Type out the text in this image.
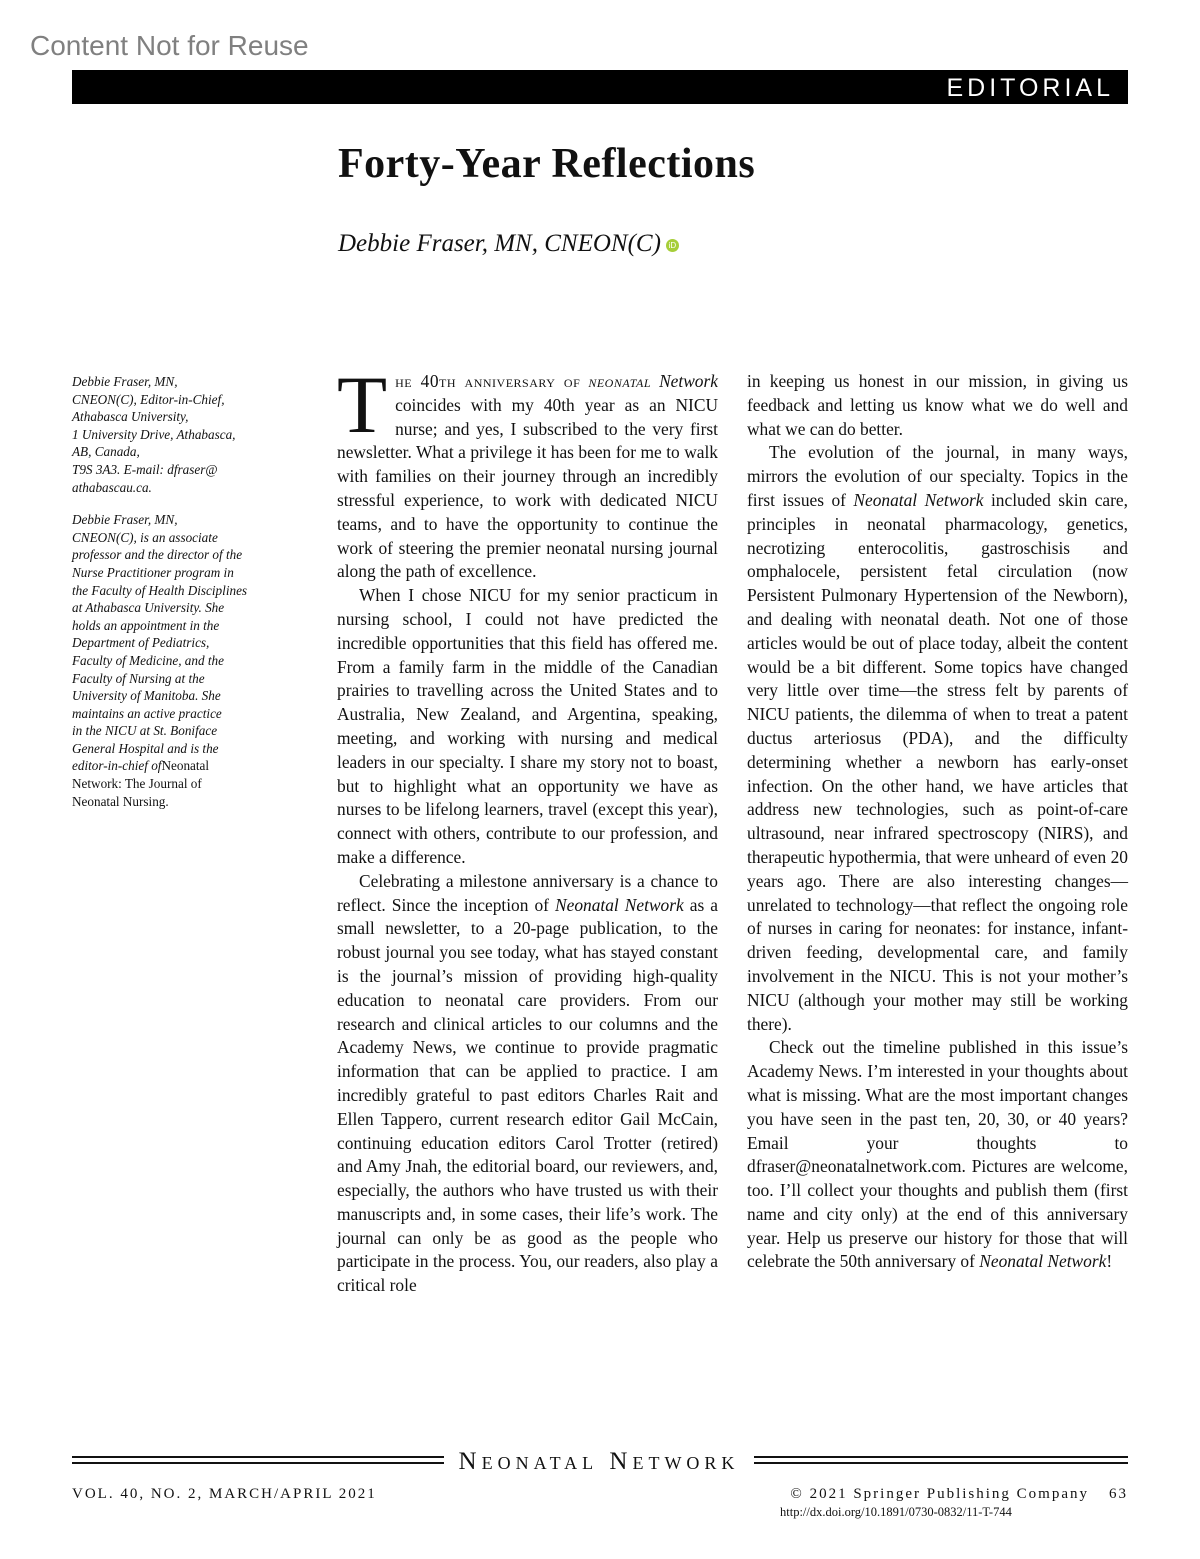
Content Not for Reuse
EDITORIAL
Forty-Year Reflections
Debbie Fraser, MN, CNEON(C) iD

Debbie Fraser, MN,
CNEON(C), Editor-in-Chief,
Athabasca University,
1 University Drive, Athabasca,
AB, Canada,
T9S 3A3. E-mail: dfraser@
athabascau.ca.

Debbie Fraser, MN,
CNEON(C), is an associate
professor and the director of the
Nurse Practitioner program in
the Faculty of Health Disciplines
at Athabasca University. She
holds an appointment in the
Department of Pediatrics,
Faculty of Medicine, and the
Faculty of Nursing at the
University of Manitoba. She
maintains an active practice
in the NICU at St. Boniface
General Hospital and is the
editor-in-chief ofNeonatal
Network: The Journal of
Neonatal Nursing.

The 40th anniversary of neonatal Network coincides with my 40th year as an NICU nurse; and yes, I subscribed to the very first newsletter. What a privilege it has been for me to walk with families on their journey through an incredibly stressful experience, to work with dedicated NICU teams, and to have the opportunity to continue the work of steering the premier neonatal nursing journal along the path of excellence.

When I chose NICU for my senior practicum in nursing school, I could not have predicted the incredible opportunities that this field has offered me. From a family farm in the middle of the Canadian prairies to travelling across the United States and to Australia, New Zealand, and Argentina, speaking, meeting, and working with nursing and medical leaders in our specialty. I share my story not to boast, but to highlight what an opportunity we have as nurses to be lifelong learners, travel (except this year), connect with others, contribute to our profession, and make a difference.

Celebrating a milestone anniversary is a chance to reflect. Since the inception of Neonatal Network as a small newsletter, to a 20-page publication, to the robust journal you see today, what has stayed constant is the journal’s mission of providing high-quality education to neonatal care providers. From our research and clinical articles to our columns and the Academy News, we continue to provide pragmatic information that can be applied to practice. I am incredibly grateful to past editors Charles Rait and Ellen Tappero, current research editor Gail McCain, continuing education editors Carol Trotter (retired) and Amy Jnah, the editorial board, our reviewers, and, especially, the authors who have trusted us with their manuscripts and, in some cases, their life’s work. The journal can only be as good as the people who participate in the process. You, our readers, also play a critical role

in keeping us honest in our mission, in giving us feedback and letting us know what we do well and what we can do better.

The evolution of the journal, in many ways, mirrors the evolution of our specialty. Topics in the first issues of Neonatal Network included skin care, principles in neonatal pharmacology, genetics, necrotizing enterocolitis, gastroschisis and omphalocele, persistent fetal circulation (now Persistent Pulmonary Hypertension of the Newborn), and dealing with neonatal death. Not one of those articles would be out of place today, albeit the content would be a bit different. Some topics have changed very little over time—the stress felt by parents of NICU patients, the dilemma of when to treat a patent ductus arteriosus (PDA), and the difficulty determining whether a newborn has early-onset infection. On the other hand, we have articles that address new technologies, such as point-of-care ultrasound, near infrared spectroscopy (NIRS), and therapeutic hypothermia, that were unheard of even 20 years ago. There are also interesting changes—unrelated to technology—that reflect the ongoing role of nurses in caring for neonates: for instance, infant-driven feeding, developmental care, and family involvement in the NICU. This is not your mother’s NICU (although your mother may still be working there).

Check out the timeline published in this issue’s Academy News. I’m interested in your thoughts about what is missing. What are the most important changes you have seen in the past ten, 20, 30, or 40 years? Email your thoughts to dfraser@neonatalnetwork.com. Pictures are welcome, too. I’ll collect your thoughts and publish them (first name and city only) at the end of this anniversary year. Help us preserve our history for those that will celebrate the 50th anniversary of Neonatal Network!

Neonatal Network
VOL. 40, NO. 2, MARCH/APRIL 2021	© 2021 Springer Publishing Company 63
http://dx.doi.org/10.1891/0730-0832/11-T-744
